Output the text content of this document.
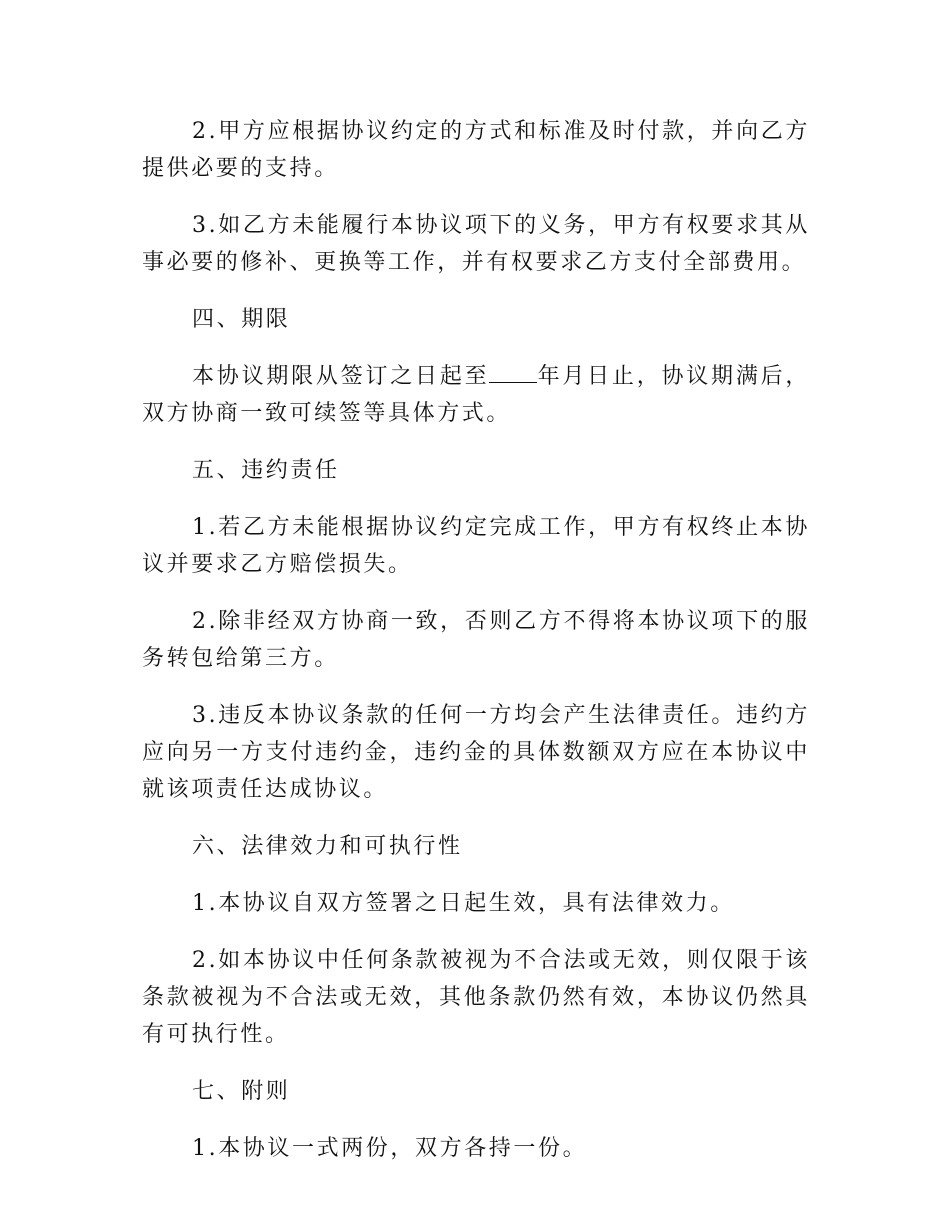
2.甲方应根据协议约定的方式和标准及时付款，并向乙方提供必要的支持。

3.如乙方未能履行本协议项下的义务，甲方有权要求其从事必要的修补、更换等工作，并有权要求乙方支付全部费用。

四、期限

本协议期限从签订之日起至 年月日止，协议期满后，双方协商一致可续签等具体方式。

五、违约责任

1.若乙方未能根据协议约定完成工作，甲方有权终止本协议并要求乙方赔偿损失。

2.除非经双方协商一致，否则乙方不得将本协议项下的服务转包给第三方。

3.违反本协议条款的任何一方均会产生法律责任。违约方应向另一方支付违约金，违约金的具体数额双方应在本协议中就该项责任达成协议。

六、法律效力和可执行性

1.本协议自双方签署之日起生效，具有法律效力。

2.如本协议中任何条款被视为不合法或无效，则仅限于该条款被视为不合法或无效，其他条款仍然有效，本协议仍然具有可执行性。

七、附则

1.本协议一式两份，双方各持一份。
